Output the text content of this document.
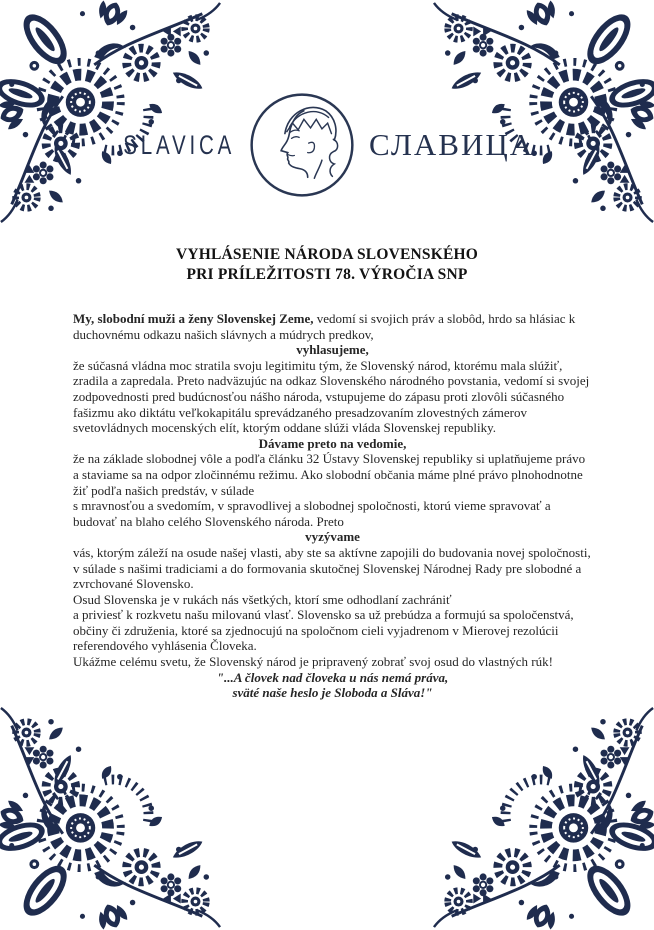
SLAVICA	СЛАВИЦА
VYHLÁSENIE NÁRODA SLOVENSKÉHO
PRI PRÍLEŽITOSTI 78. VÝROČIA SNP

My, slobodní muži a ženy Slovenskej Zeme, vedomí si svojich práv a slobôd, hrdo sa hlásiac k duchovnému odkazu našich slávnych a múdrych predkov,

vyhlasujeme,

že súčasná vládna moc stratila svoju legitimitu tým, že Slovenský národ, ktorému mala slúžiť, zradila a zapredala. Preto nadväzujúc na odkaz Slovenského národného povstania, vedomí si svojej zodpovednosti pred budúcnosťou nášho národa, vstupujeme do zápasu proti zlovôli súčasného fašizmu ako diktátu veľkokapitálu sprevádzaného presadzovaním zlovestných zámerov svetovládnych mocenských elít, ktorým oddane slúži vláda Slovenskej republiky.

Dávame preto na vedomie,

že na základe slobodnej vôle a podľa článku 32 Ústavy Slovenskej republiky si uplatňujeme právo a staviame sa na odpor zločinnému režimu. Ako slobodní občania máme plné právo plnohodnotne žiť podľa našich predstáv, v súlade
s mravnosťou a svedomím, v spravodlivej a slobodnej spoločnosti, ktorú vieme spravovať a budovať na blaho celého Slovenského národa. Preto

vyzývame

vás, ktorým záleží na osude našej vlasti, aby ste sa aktívne zapojili do budovania novej spoločnosti, v súlade s našimi tradiciami a do formovania skutočnej Slovenskej Národnej Rady pre slobodné a zvrchované Slovensko.

Osud Slovenska je v rukách nás všetkých, ktorí sme odhodlaní zachrániť
a priviesť k rozkvetu našu milovanú vlasť. Slovensko sa už prebúdza a formujú sa spoločenstvá, občiny či združenia, ktoré sa zjednocujú na spoločnom cieli vyjadrenom v Mierovej rezolúcii referendového vyhlásenia Človeka.

Ukážme celému svetu, že Slovenský národ je pripravený zobrať svoj osud do vlastných rúk!

"...A človek nad človeka u nás nemá práva,
sväté naše heslo je Sloboda a Sláva!"
